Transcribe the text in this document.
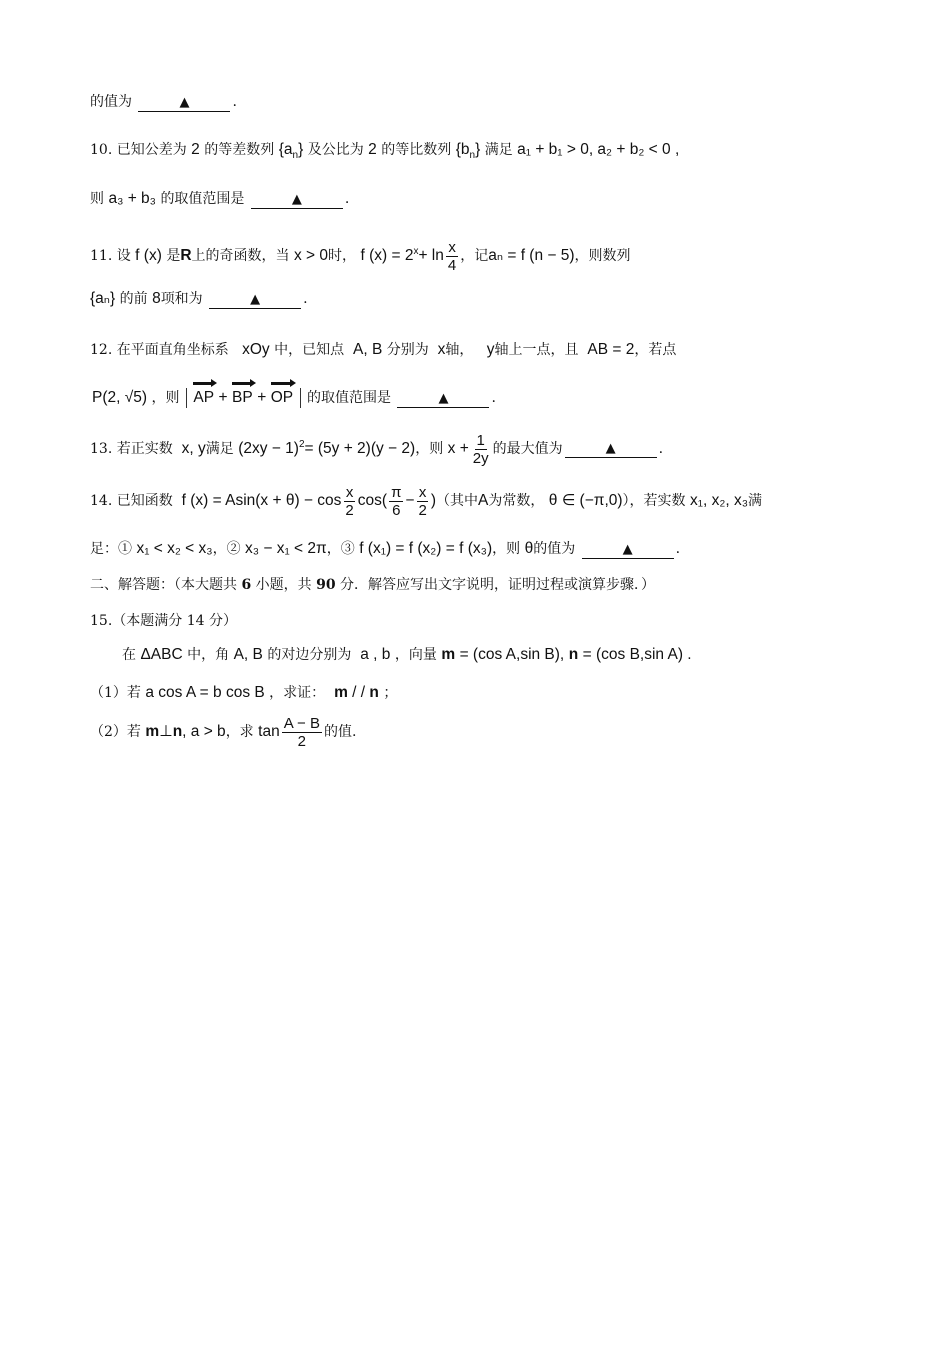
的值为	▲	.
10. 已知公差为 2 的等差数列 $\{a_n\}$ 及公比为 2 的等比数列 $\{b_n\}$ 满足 a₁ + b₁ > 0, a₂ + b₂ < 0 ,
则 a₃ + b₃ 的取值范围是	▲	.
11.
设
f (x)
是 R 上的奇函数，当
x > 0 时，
f $(x) = 2^x + \ln \frac{x}{4}$ ，记 aₙ = f (n − 5) ，则数列
{aₙ} 的前 8项和为	▲	.
12. 在平面直角坐标系 xOy 中，已知点 A, B 分别为 x轴， y轴上一点，且 AB = 2，若点
P(2, √5) ，则 AP + BP + OP 的取值范围是	▲	.
13.
若正实数
x, y 满足
$(2xy - 1)^2 = (5y + 2)(y - 2)$ ，则
$x + \frac{1}{2y}$ 的最大值为	▲	.
14.
已知函数
f $(x) = Asin(x + \theta) - \cos \frac{x}{2} \cos( \frac{\pi}{6} - \frac{x}{2}$ ) （其中 A 为常数，
θ ∈ (−π,0) ），若实数
x₁, x₂, x₃ 满
足：① x₁ < x₂ < x₃，② x₃ − x₁ < 2π，③ f (x₁) = f (x₂) = f (x₃)，则 θ的值为	▲	.
二、解答题：（本大题共 6 小题，共 90 分．解答应写出文字说明，证明过程或演算步骤．）
15.（本题满分 14 分）
在 ΔABC 中，角 A, B 的对边分别为 a , b ，向量 m = (cos A,sin B), n = (cos B,sin A) .
（1）若 a cos A = b cos B ，求证： m / / n ；
（2）若
m ⊥ n , a > b ，求
$\tan \frac{A - B}{2}$ 的值.
